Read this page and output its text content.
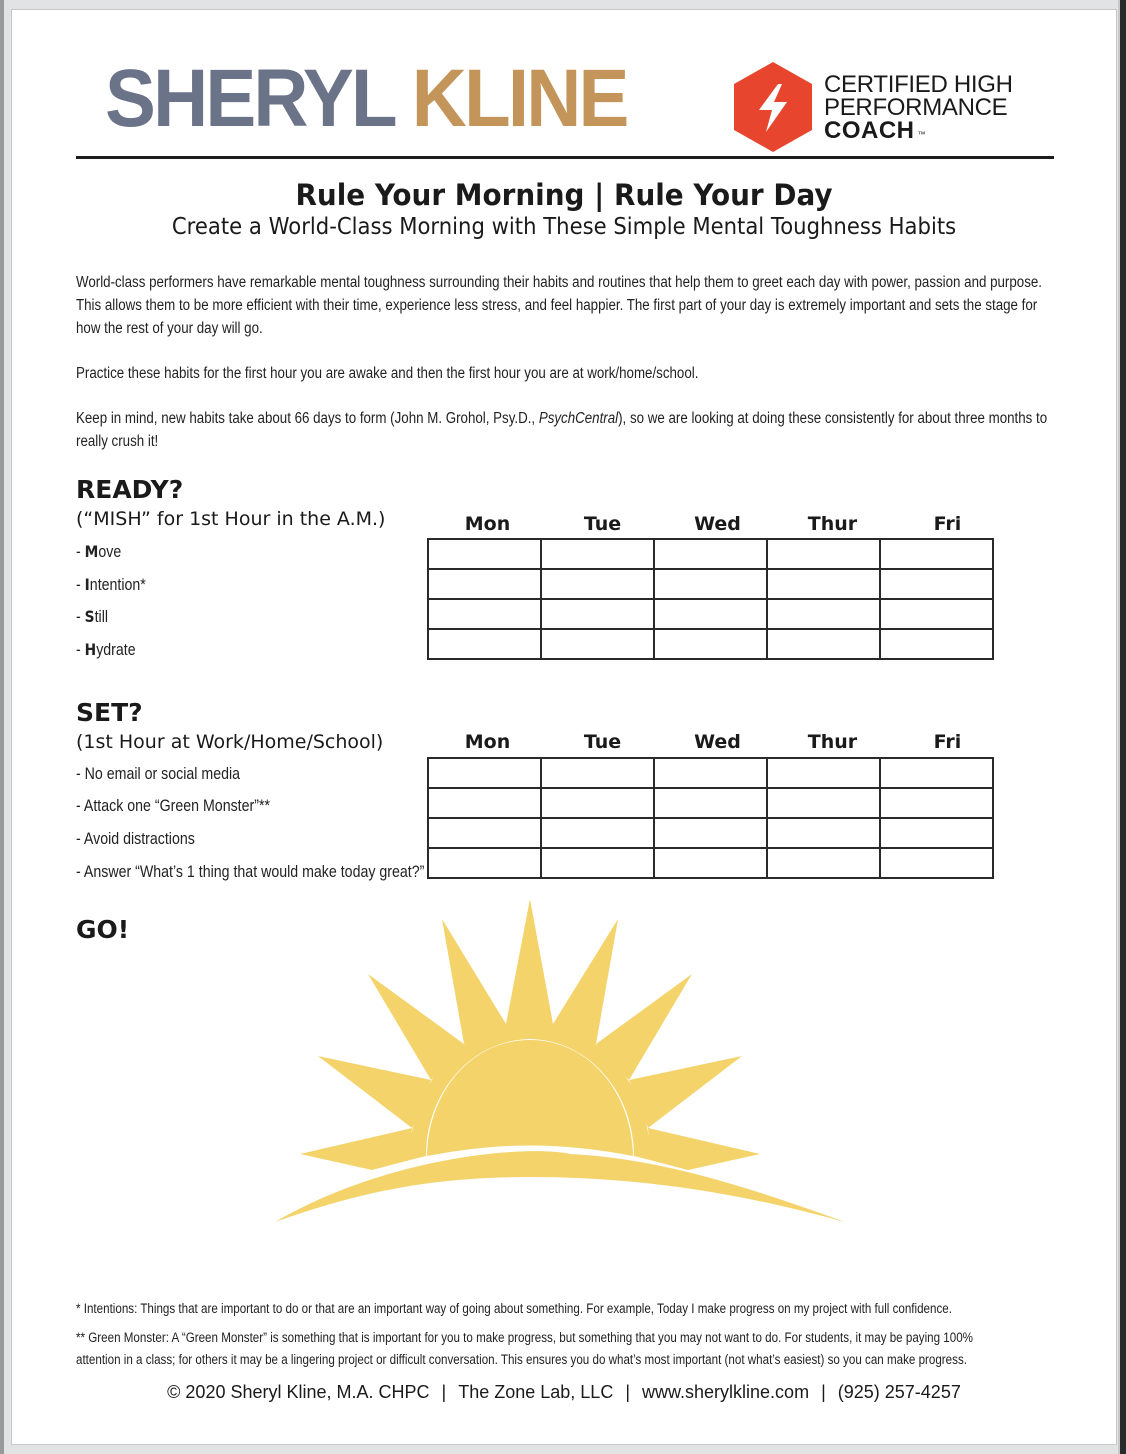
SHERYL KLINE	CERTIFIED HIGH
PERFORMANCE
COACH ™
Rule Your Morning | Rule Your Day
Create a World-Class Morning with These Simple Mental Toughness Habits
World-class performers have remarkable mental toughness surrounding their habits and routines that help them to greet each day with power, passion and purpose. This allows them to be more efficient with their time, experience less stress, and feel happier. The first part of your day is extremely important and sets the stage for how the rest of your day will go.
Practice these habits for the first hour you are awake and then the first hour you are at work/home/school.
Keep in mind, new habits take about 66 days to form (John M. Grohol, Psy.D., PsychCentral), so we are looking at doing these consistently for about three months to really crush it!
READY?
(“MISH” for 1st Hour in the A.M.)
- Move
- Intention*
- Still
- Hydrate
Mon	Tue	Wed	Thur	Fri

SET?
(1st Hour at Work/Home/School)
- No email or social media
- Attack one “Green Monster”**
- Avoid distractions
- Answer “What’s 1 thing that would make today great?”
Mon	Tue	Wed	Thur	Fri

GO!
* Intentions: Things that are important to do or that are an important way of going about something. For example, Today I make progress on my project with full confidence.
** Green Monster: A “Green Monster” is something that is important for you to make progress, but something that you may not want to do. For students, it may be paying 100%
attention in a class; for others it may be a lingering project or difficult conversation. This ensures you do what’s most important (not what’s easiest) so you can make progress.
© 2020 Sheryl Kline, M.A. CHPC | The Zone Lab, LLC | www.sherylkline.com | (925) 257-4257
